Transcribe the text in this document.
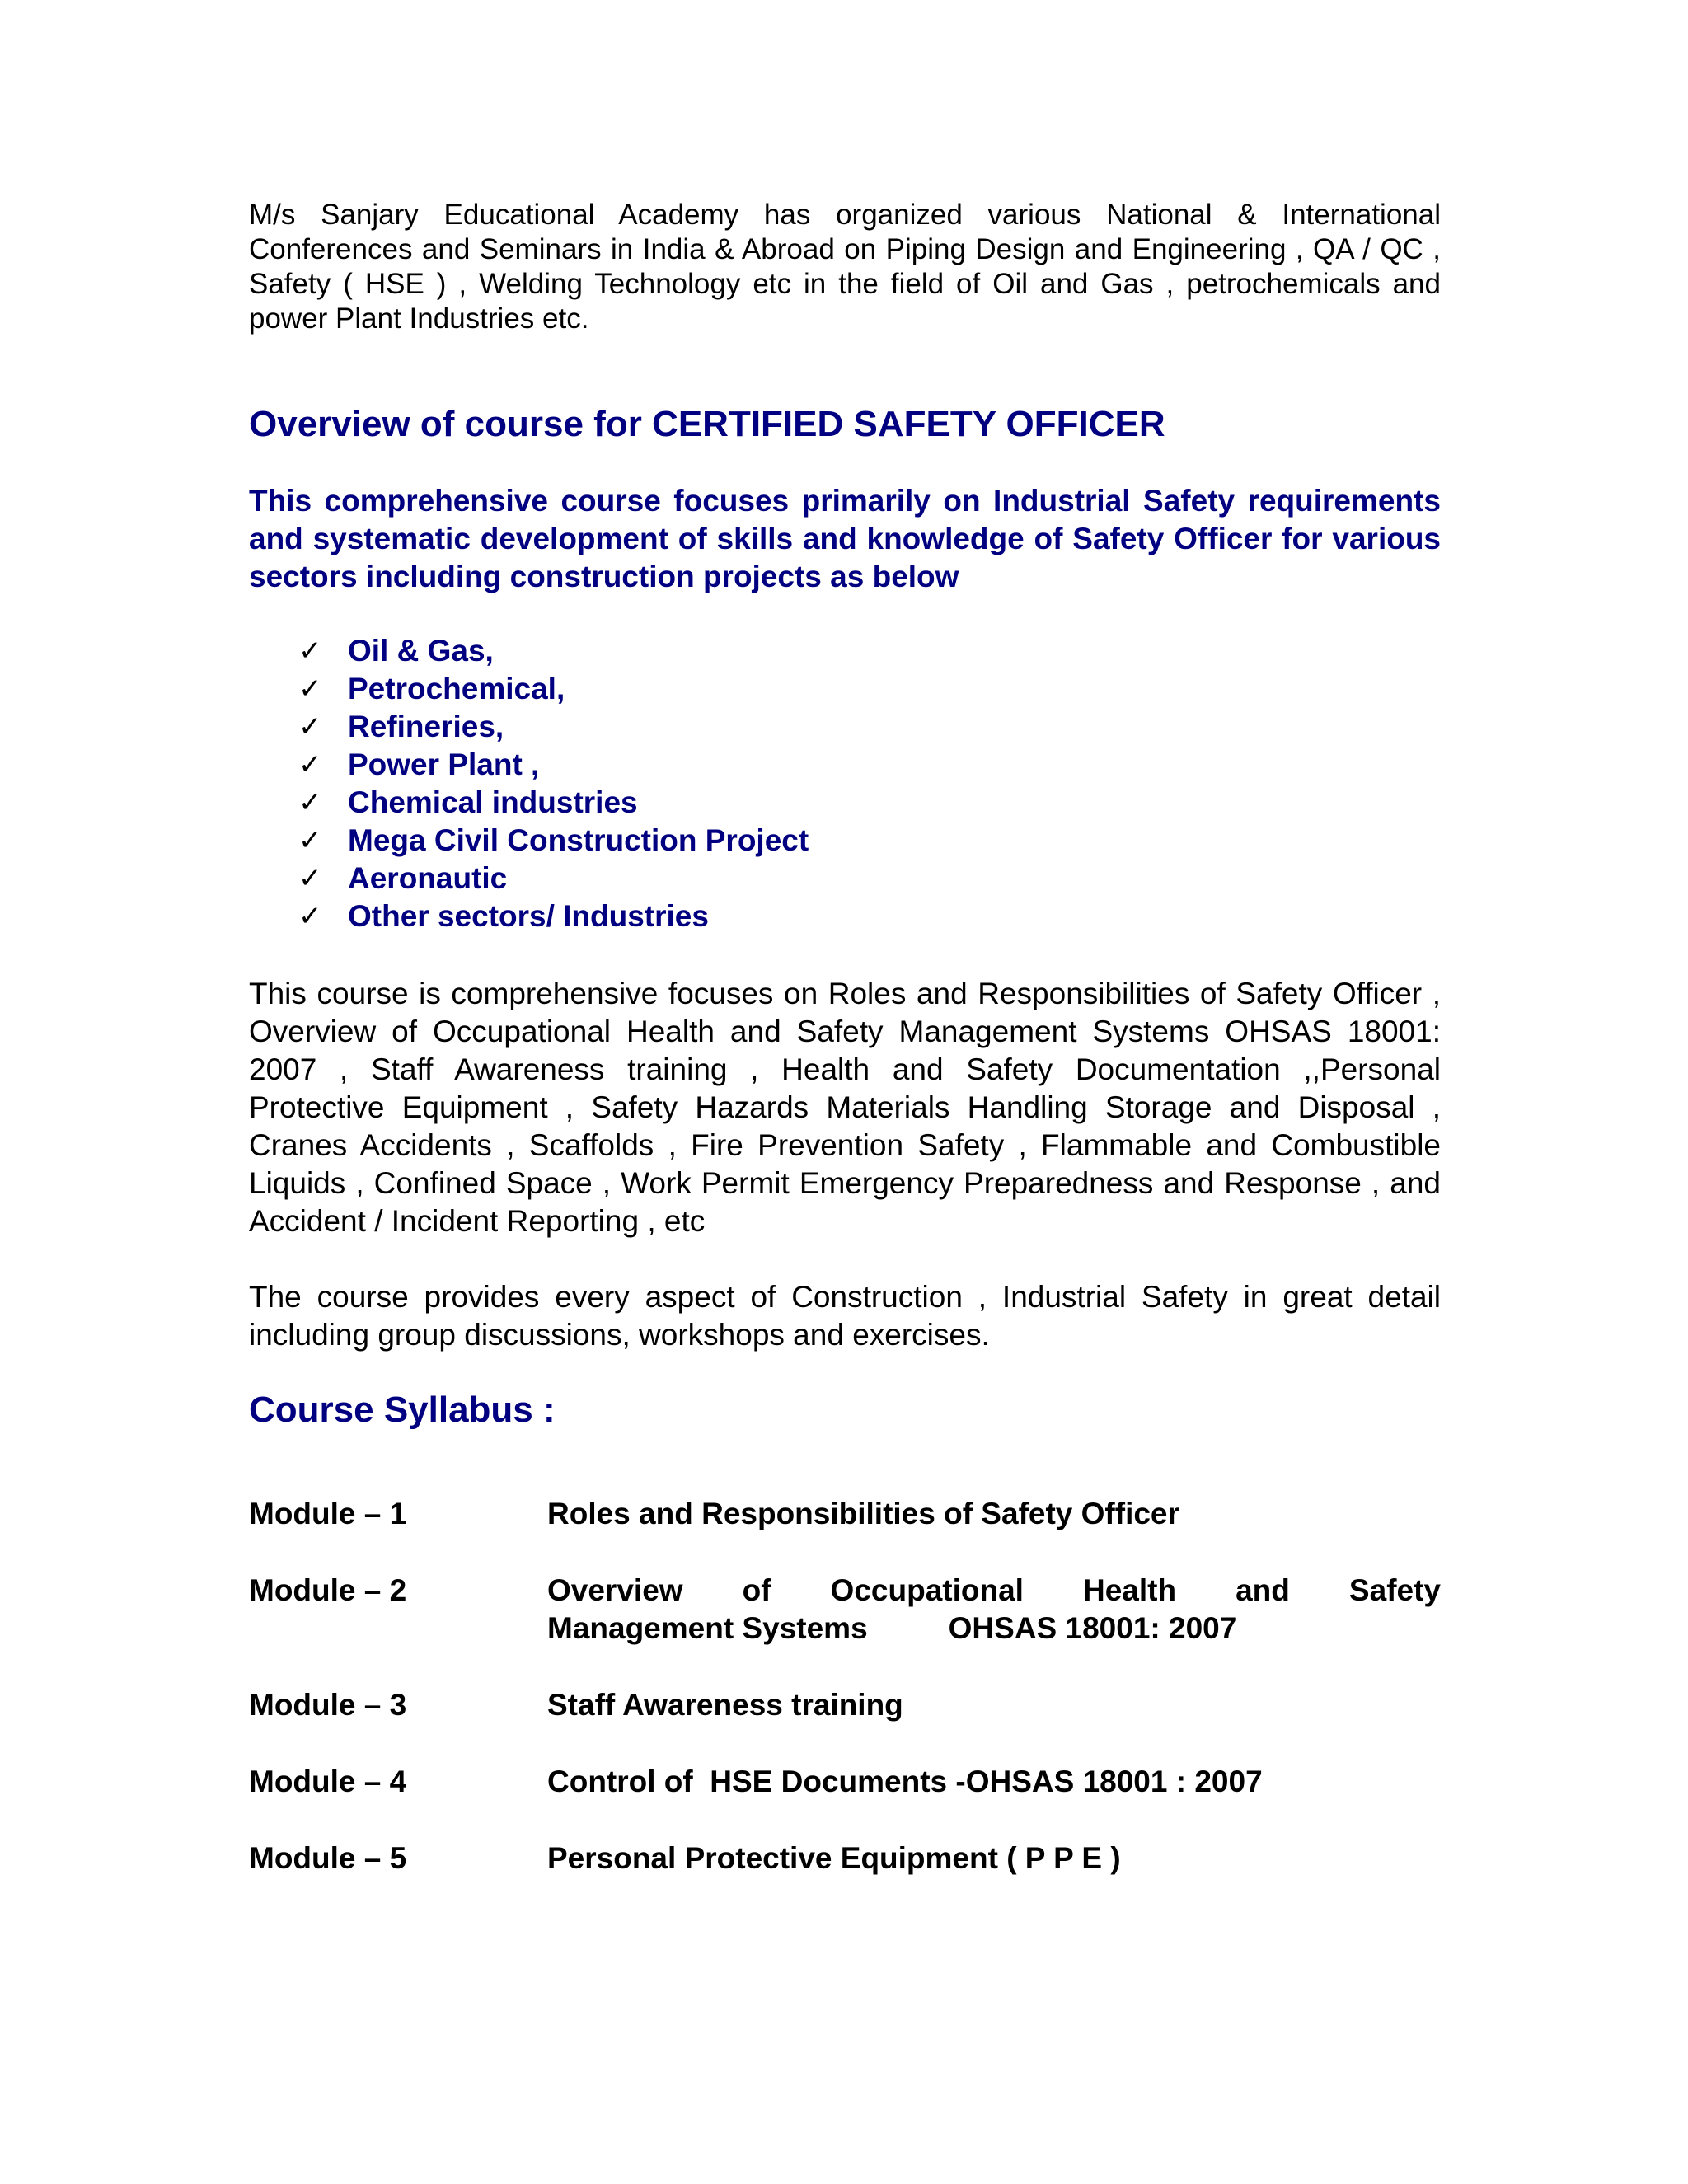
M/s Sanjary Educational Academy has organized various National & International Conferences and Seminars in India & Abroad on Piping Design and Engineering , QA / QC , Safety ( HSE ) , Welding Technology etc in the field of Oil and Gas , petrochemicals and power Plant Industries etc.

Overview of course for CERTIFIED SAFETY OFFICER

This comprehensive course focuses primarily on Industrial Safety requirements and systematic development of skills and knowledge of Safety Officer for various sectors including construction projects as below

✓ Oil & Gas,
✓ Petrochemical,
✓ Refineries,
✓ Power Plant ,
✓ Chemical industries
✓ Mega Civil Construction Project
✓ Aeronautic
✓ Other sectors/ Industries

This course is comprehensive focuses on Roles and Responsibilities of Safety Officer , Overview of Occupational Health and Safety Management Systems OHSAS 18001: 2007 , Staff Awareness training , Health and Safety Documentation ,,Personal Protective Equipment , Safety Hazards Materials Handling Storage and Disposal , Cranes Accidents , Scaffolds , Fire Prevention Safety , Flammable and Combustible Liquids , Confined Space , Work Permit Emergency Preparedness and Response , and Accident / Incident Reporting , etc

The course provides every aspect of Construction , Industrial Safety in great detail including group discussions, workshops and exercises.

Course Syllabus :
Module – 1	Roles and Responsibilities of Safety Officer
Module – 2	Overview of Occupational Health and Safety
Management Systems	OHSAS 18001: 2007
Module – 3	Staff Awareness training
Module – 4	Control of  HSE Documents -OHSAS 18001 : 2007
Module – 5	Personal Protective Equipment ( P P E )
